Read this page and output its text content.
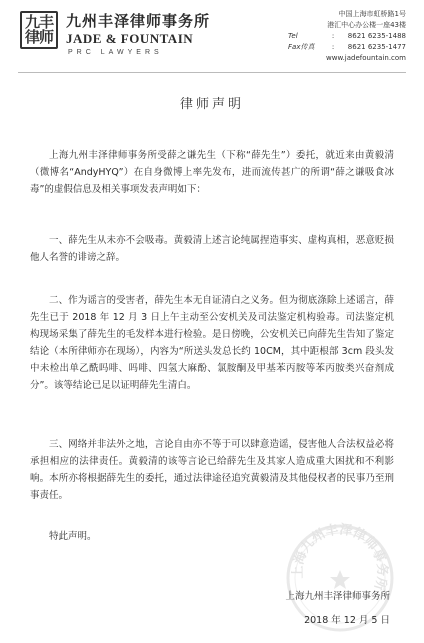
九丰
律师
九州丰泽律师事务所
JADE & FOUNTAIN
PRC LAWYERS
中国上海市虹桥路1号
港汇中心办公楼一座43楼
Tel	: 8621 6235-1488
Fax传真 : 8621 6235-1477
www.jadefountain.com
律师声明
上海九州丰泽律师事务所受薛之谦先生（下称“薛先生”）委托，就近来由黄毅清（微博名“AndyHYQ”）在自身微博上率先发布，进而流传甚广的所谓“薛之谦吸食冰毒”的虚假信息及相关事项发表声明如下：
一、薛先生从未亦不会吸毒。黄毅清上述言论纯属捏造事实、虚构真相，恶意贬损他人名誉的诽谤之辞。
二、作为谣言的受害者，薛先生本无自证清白之义务。但为彻底涤除上述谣言，薛先生已于 2018 年 12 月 3 日上午主动至公安机关及司法鉴定机构验毒。司法鉴定机构现场采集了薛先生的毛发样本进行检验。是日傍晚，公安机关已向薛先生告知了鉴定结论（本所律师亦在现场），内容为“所送头发总长约 10CM，其中距根部 3cm 段头发中未检出单乙酰吗啡、吗啡、四氢大麻酚、氯胺酮及甲基苯丙胺等苯丙胺类兴奋剂成分”。该等结论已足以证明薛先生清白。
三、网络并非法外之地，言论自由亦不等于可以肆意造谣，侵害他人合法权益必将承担相应的法律责任。黄毅清的该等言论已给薛先生及其家人造成重大困扰和不利影响。本所亦将根据薛先生的委托，通过法律途径追究黄毅清及其他侵权者的民事乃至刑事责任。
特此声明。
上海九州丰泽律师事务所
上海九州丰泽律师事务所
2018 年 12 月 5 日
